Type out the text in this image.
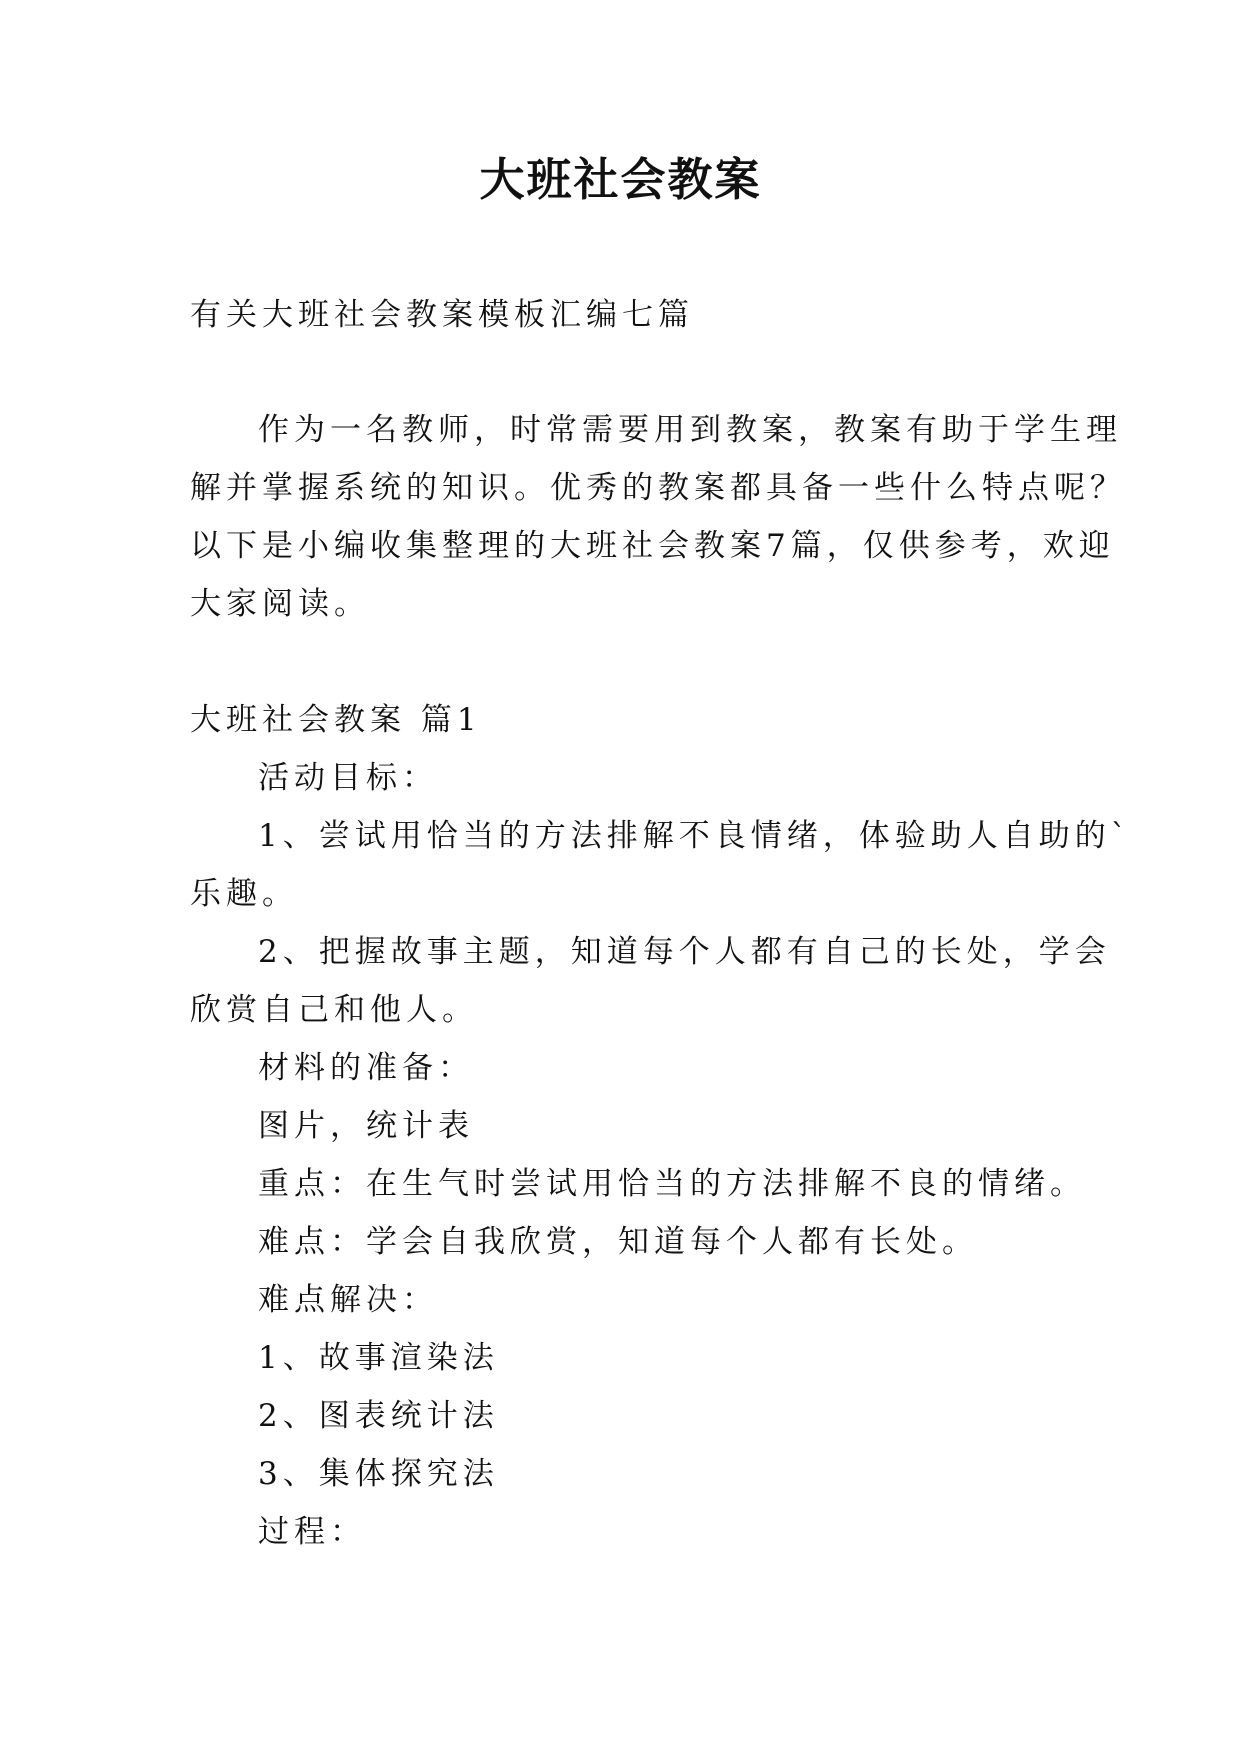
大班社会教案
有关大班社会教案模板汇编七篇
作为一名教师，时常需要用到教案，教案有助于学生理
解并掌握系统的知识。优秀的教案都具备一些什么特点呢？
以下是小编收集整理的大班社会教案7篇，仅供参考，欢迎
大家阅读。
大班社会教案 篇1
活动目标：
1、尝试用恰当的方法排解不良情绪，体验助人自助的`
乐趣。
2、把握故事主题，知道每个人都有自己的长处，学会
欣赏自己和他人。
材料的准备：
图片，统计表
重点：在生气时尝试用恰当的方法排解不良的情绪。
难点：学会自我欣赏，知道每个人都有长处。
难点解决：
1、故事渲染法
2、图表统计法
3、集体探究法
过程：
